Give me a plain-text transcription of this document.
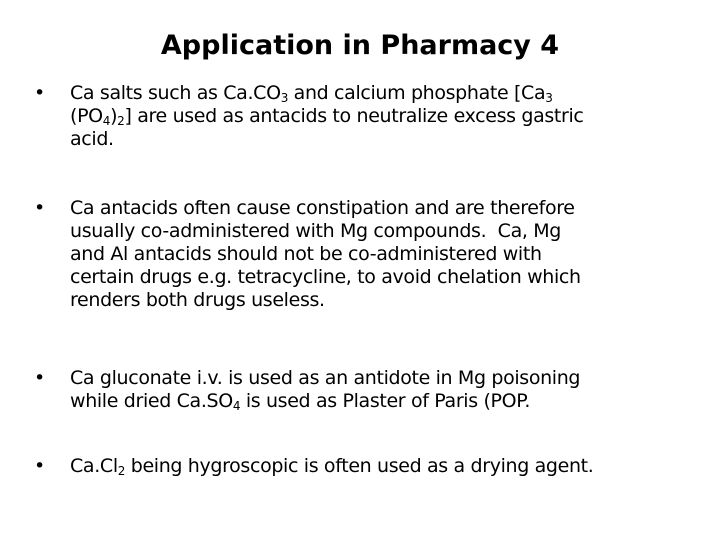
Application in Pharmacy 4
•	Ca salts such as $Ca.CO_3$ and calcium phosphate [$Ca_3$
$(PO_4)_2$] are used as antacids to neutralize excess gastric
acid.
•	Ca antacids often cause constipation and are therefore
usually co-administered with Mg compounds.  Ca, Mg
and Al antacids should not be co-administered with
certain drugs e.g. tetracycline, to avoid chelation which
renders both drugs useless.
•	Ca gluconate i.v. is used as an antidote in Mg poisoning
while dried $Ca.SO_4$ is used as Plaster of Paris (POP.
•	$Ca.Cl_2$ being hygroscopic is often used as a drying agent.
